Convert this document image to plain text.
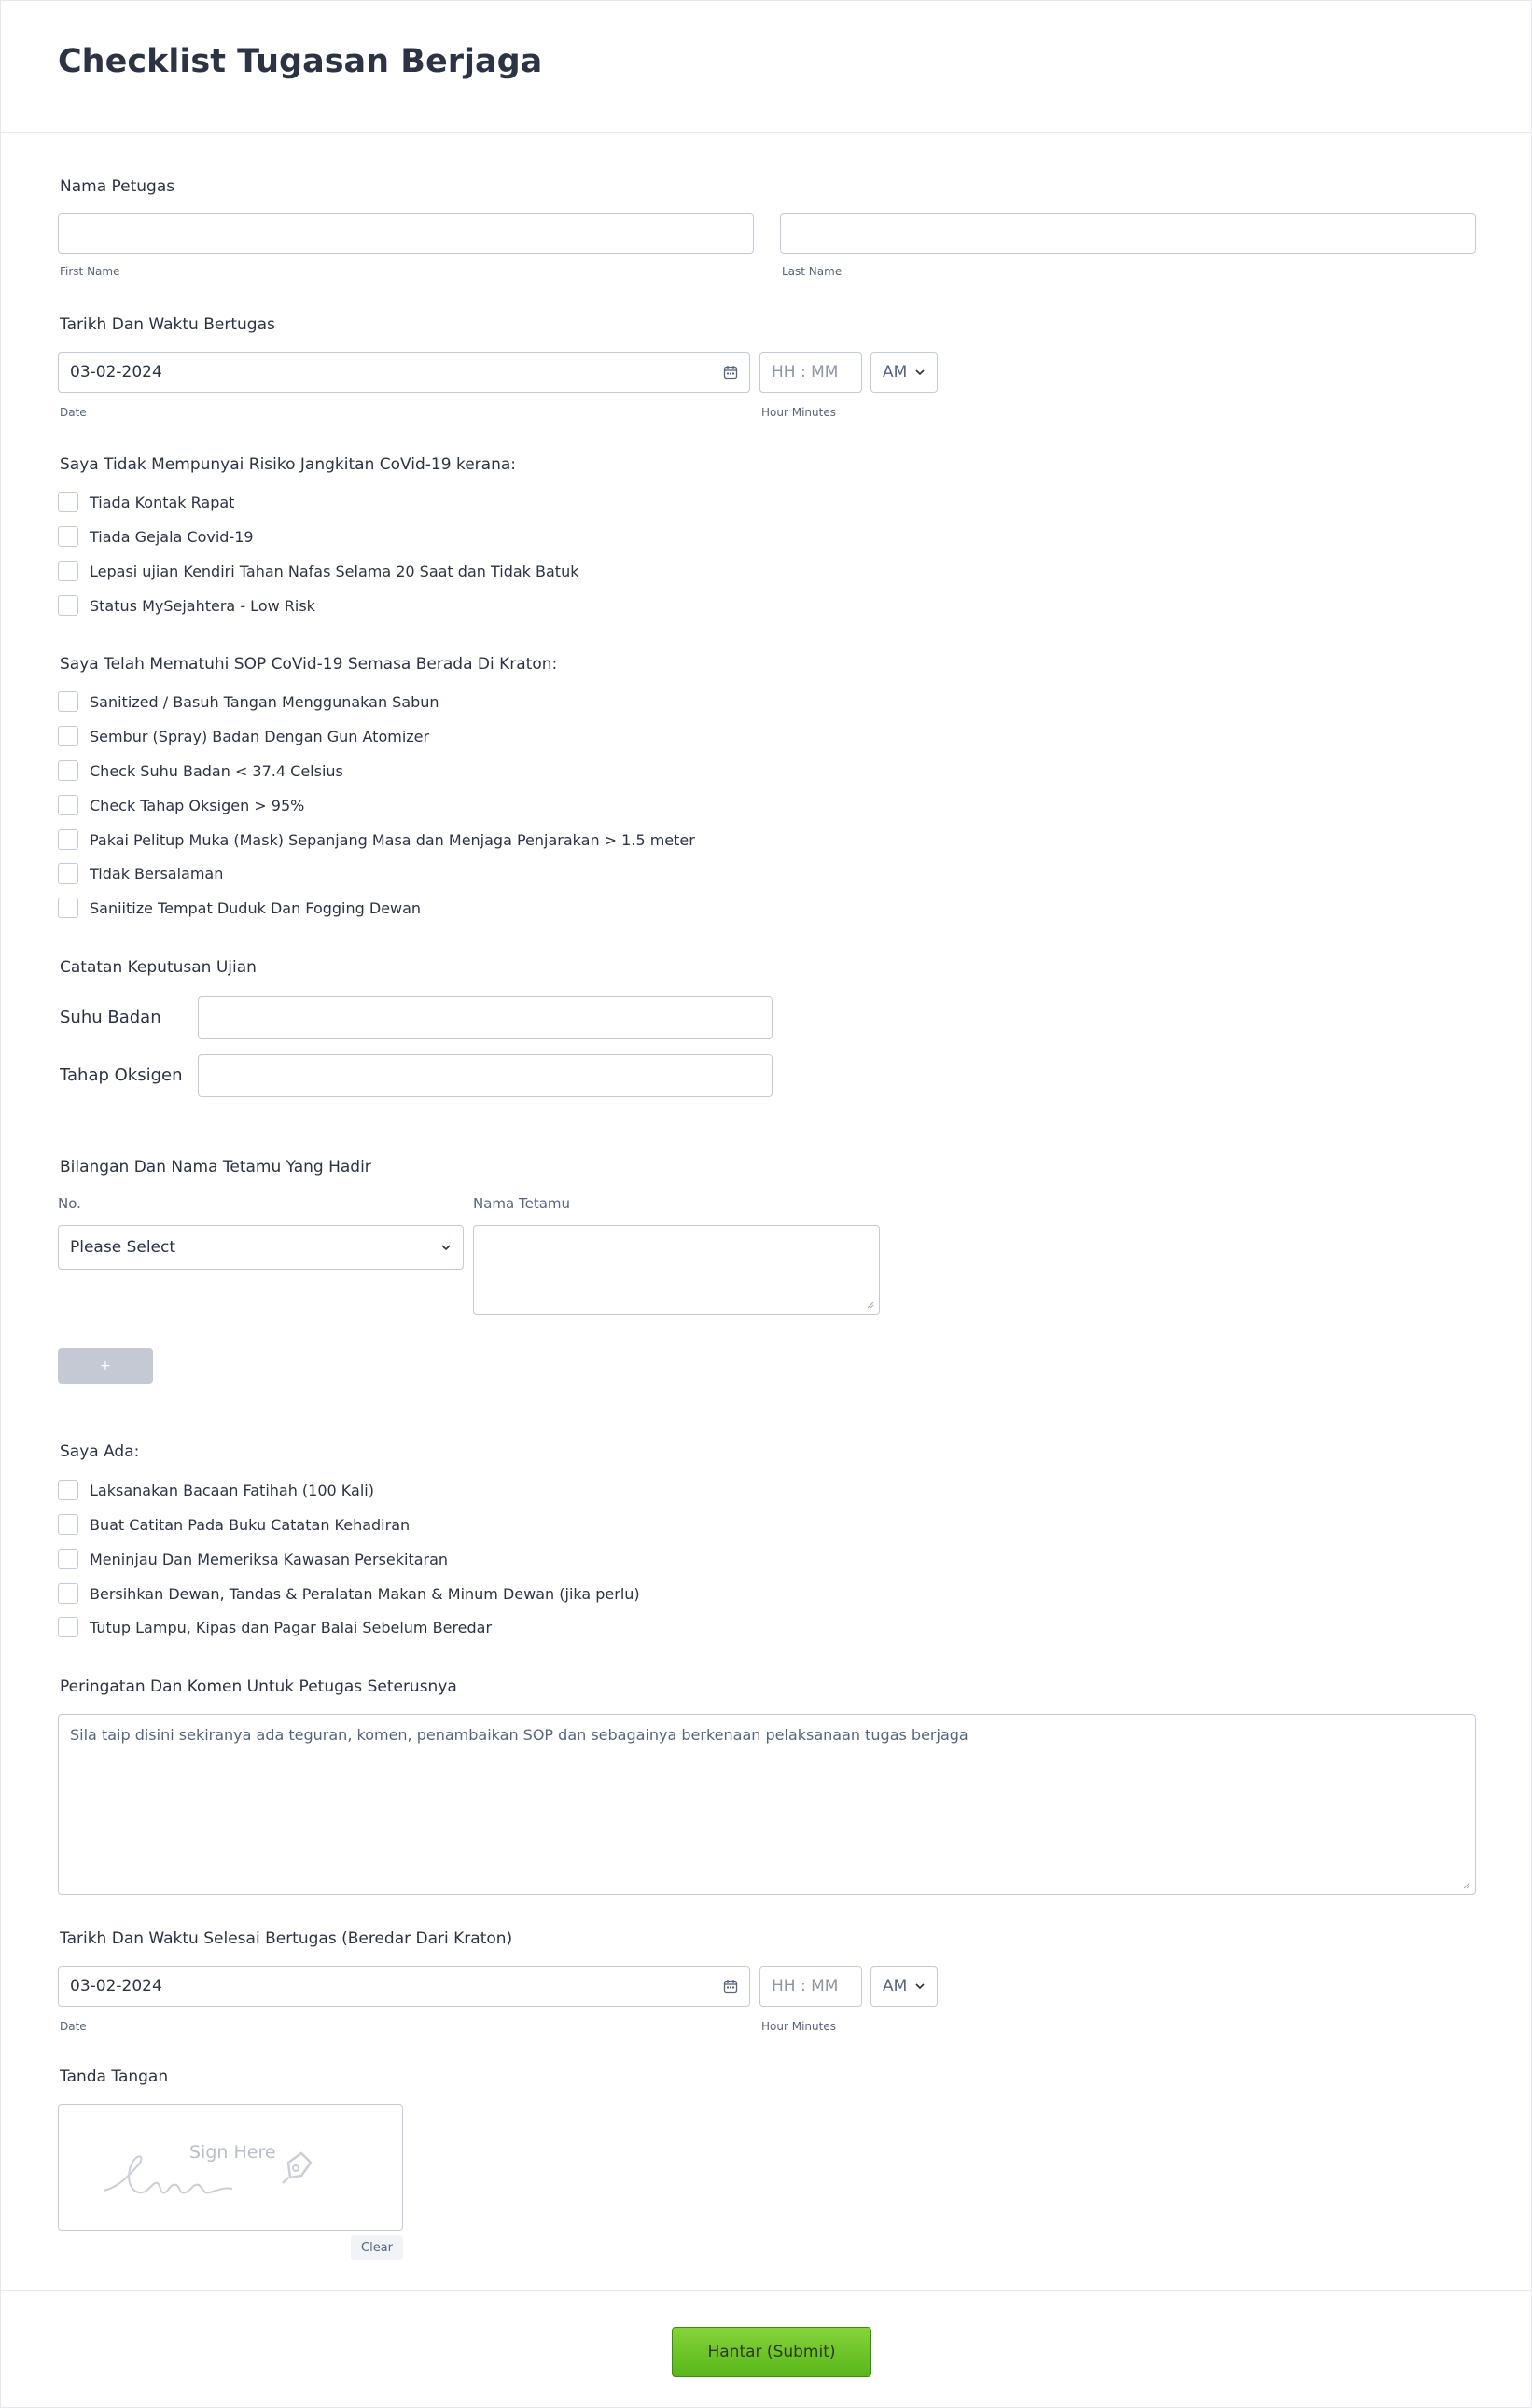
Checklist Tugasan Berjaga
Nama Petugas
First Name	Last Name
Tarikh Dan Waktu Bertugas
03-02-2024	HH : MM	AM
Date	Hour Minutes
Saya Tidak Mempunyai Risiko Jangkitan CoVid-19 kerana:
Tiada Kontak Rapat
Tiada Gejala Covid-19
Lepasi ujian Kendiri Tahan Nafas Selama 20 Saat dan Tidak Batuk
Status MySejahtera - Low Risk
Saya Telah Mematuhi SOP CoVid-19 Semasa Berada Di Kraton:
Sanitized / Basuh Tangan Menggunakan Sabun
Sembur (Spray) Badan Dengan Gun Atomizer
Check Suhu Badan < 37.4 Celsius
Check Tahap Oksigen > 95%
Pakai Pelitup Muka (Mask) Sepanjang Masa dan Menjaga Penjarakan > 1.5 meter
Tidak Bersalaman
Saniitize Tempat Duduk Dan Fogging Dewan
Catatan Keputusan Ujian
Suhu Badan
Tahap Oksigen
Bilangan Dan Nama Tetamu Yang Hadir
No.	Nama Tetamu
Please Select
+
Saya Ada:
Laksanakan Bacaan Fatihah (100 Kali)
Buat Catitan Pada Buku Catatan Kehadiran
Meninjau Dan Memeriksa Kawasan Persekitaran
Bersihkan Dewan, Tandas & Peralatan Makan & Minum Dewan (jika perlu)
Tutup Lampu, Kipas dan Pagar Balai Sebelum Beredar
Peringatan Dan Komen Untuk Petugas Seterusnya
Sila taip disini sekiranya ada teguran, komen, penambaikan SOP dan sebagainya berkenaan pelaksanaan tugas berjaga
Tarikh Dan Waktu Selesai Bertugas (Beredar Dari Kraton)
03-02-2024	HH : MM	AM
Date	Hour Minutes
Tanda Tangan
Sign Here
Clear
Hantar (Submit)
